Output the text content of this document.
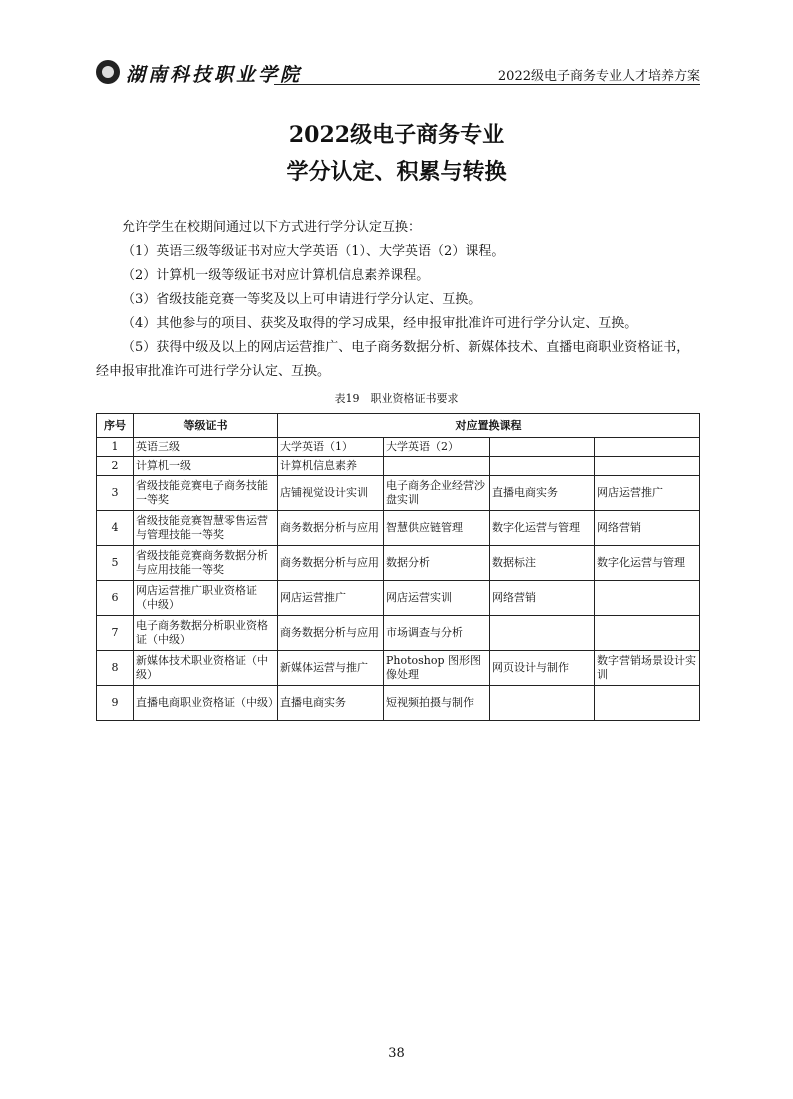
湖南科技职业学院	2022级电子商务专业人才培养方案
2022级电子商务专业
学分认定、积累与转换

允许学生在校期间通过以下方式进行学分认定互换：

（1）英语三级等级证书对应大学英语（1）、大学英语（2）课程。

（2）计算机一级等级证书对应计算机信息素养课程。

（3）省级技能竞赛一等奖及以上可申请进行学分认定、互换。

（4）其他参与的项目、获奖及取得的学习成果，经申报审批准许可进行学分认定、互换。

（5）获得中级及以上的网店运营推广、电子商务数据分析、新媒体技术、直播电商职业资格证书，经申报审批准许可进行学分认定、互换。

表19　职业资格证书要求
序号	等级证书	对应置换课程			
1	英语三级	大学英语（1）	大学英语（2）		
2	计算机一级	计算机信息素养			
3	省级技能竞赛电子商务技能一等奖	店铺视觉设计实训	电子商务企业经营沙盘实训	直播电商实务	网店运营推广
4	省级技能竞赛智慧零售运营与管理技能一等奖	商务数据分析与应用	智慧供应链管理	数字化运营与管理	网络营销
5	省级技能竞赛商务数据分析与应用技能一等奖	商务数据分析与应用	数据分析	数据标注	数字化运营与管理
6	网店运营推广职业资格证（中级）	网店运营推广	网店运营实训	网络营销	
7	电子商务数据分析职业资格证（中级）	商务数据分析与应用	市场调查与分析		
8	新媒体技术职业资格证（中级）	新媒体运营与推广	Photoshop 图形图像处理	网页设计与制作	数字营销场景设计实训
9	直播电商职业资格证（中级）	直播电商实务	短视频拍摄与制作		
38
